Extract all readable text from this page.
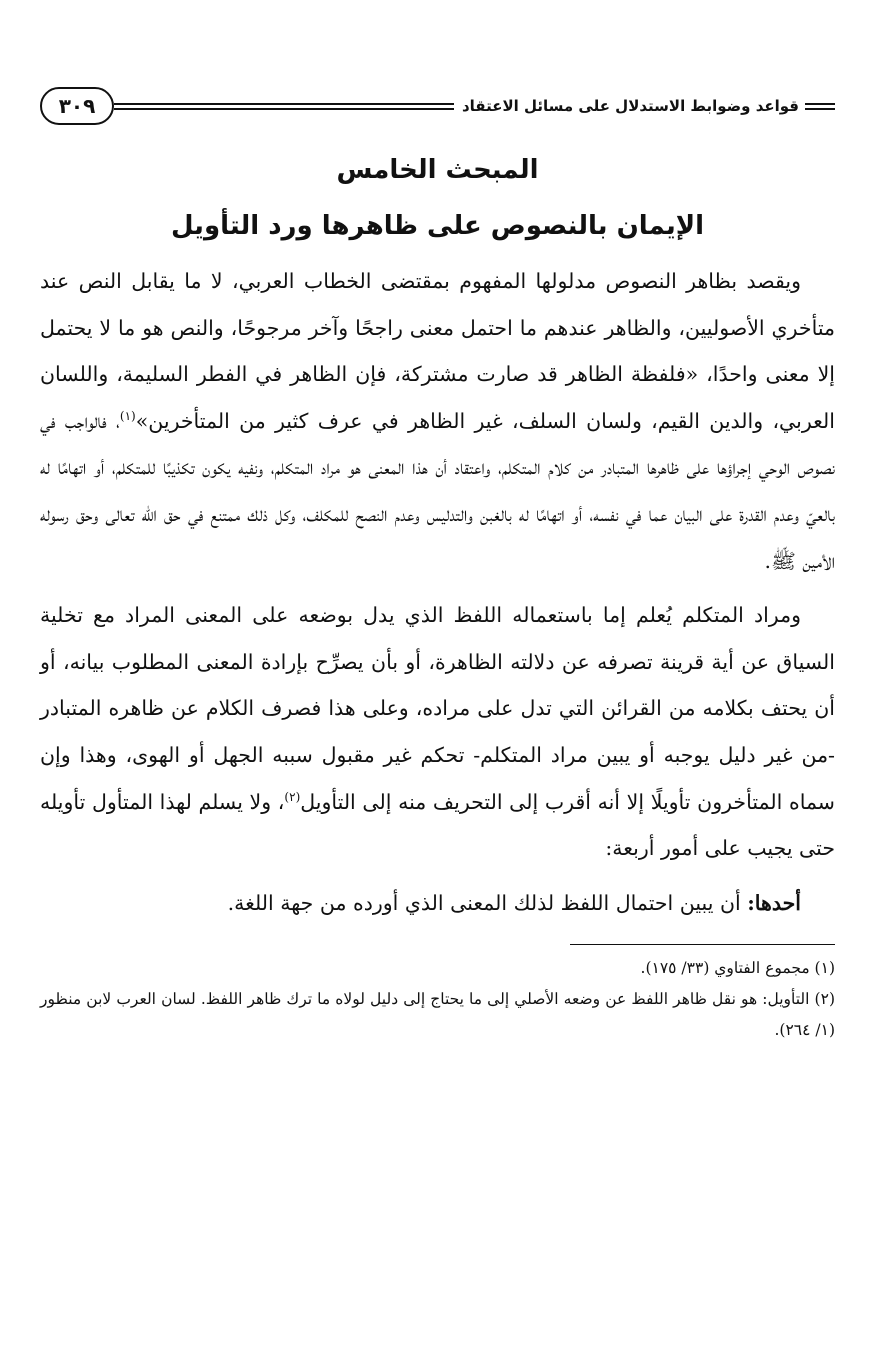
قواعد وضوابط الاستدلال على مسائل الاعتقاد
٣٠٩
المبحث الخامس
الإيمان بالنصوص على ظاهرها ورد التأويل

ويقصد بظاهر النصوص مدلولها المفهوم بمقتضى الخطاب العربي، لا ما يقابل النص عند متأخري الأصوليين، والظاهر عندهم ما احتمل معنى راجحًا وآخر مرجوحًا، والنص هو ما لا يحتمل إلا معنى واحدًا، «فلفظة الظاهر قد صارت مشتركة، فإن الظاهر في الفطر السليمة، واللسان العربي، والدين القيم، ولسان السلف، غير الظاهر في عرف كثير من المتأخرين»$^{(١)}$، فالواجب في نصوص الوحي إجراؤها على ظاهرها المتبادر من كلام المتكلم، واعتقاد أن هذا المعنى هو مراد المتكلم، ونفيه يكون تكذيبًا للمتكلم، أو اتهامًا له بالعيّ وعدم القدرة على البيان عما في نفسه، أو اتهامًا له بالغبن والتدليس وعدم النصح للمكلف، وكل ذلك ممتنع في حق الله تعالى وحق رسوله الأمين ﷺ.

ومراد المتكلم يُعلم إما باستعماله اللفظ الذي يدل بوضعه على المعنى المراد مع تخلية السياق عن أية قرينة تصرفه عن دلالته الظاهرة، أو بأن يصرِّح بإرادة المعنى المطلوب بيانه، أو أن يحتف بكلامه من القرائن التي تدل على مراده، وعلى هذا فصرف الكلام عن ظاهره المتبادر -من غير دليل يوجبه أو يبين مراد المتكلم- تحكم غير مقبول سببه الجهل أو الهوى، وهذا وإن سماه المتأخرون تأويلًا إلا أنه أقرب إلى التحريف منه إلى التأويل$^{(٢)}$، ولا يسلم لهذا المتأول تأويله حتى يجيب على أمور أربعة:

أحدها: أن يبين احتمال اللفظ لذلك المعنى الذي أورده من جهة اللغة.

(١) مجموع الفتاوي (٣٣/ ١٧٥).

(٢) التأويل: هو نقل ظاهر اللفظ عن وضعه الأصلي إلى ما يحتاج إلى دليل لولاه ما ترك ظاهر اللفظ. لسان العرب لابن منظور (١/ ٢٦٤).
